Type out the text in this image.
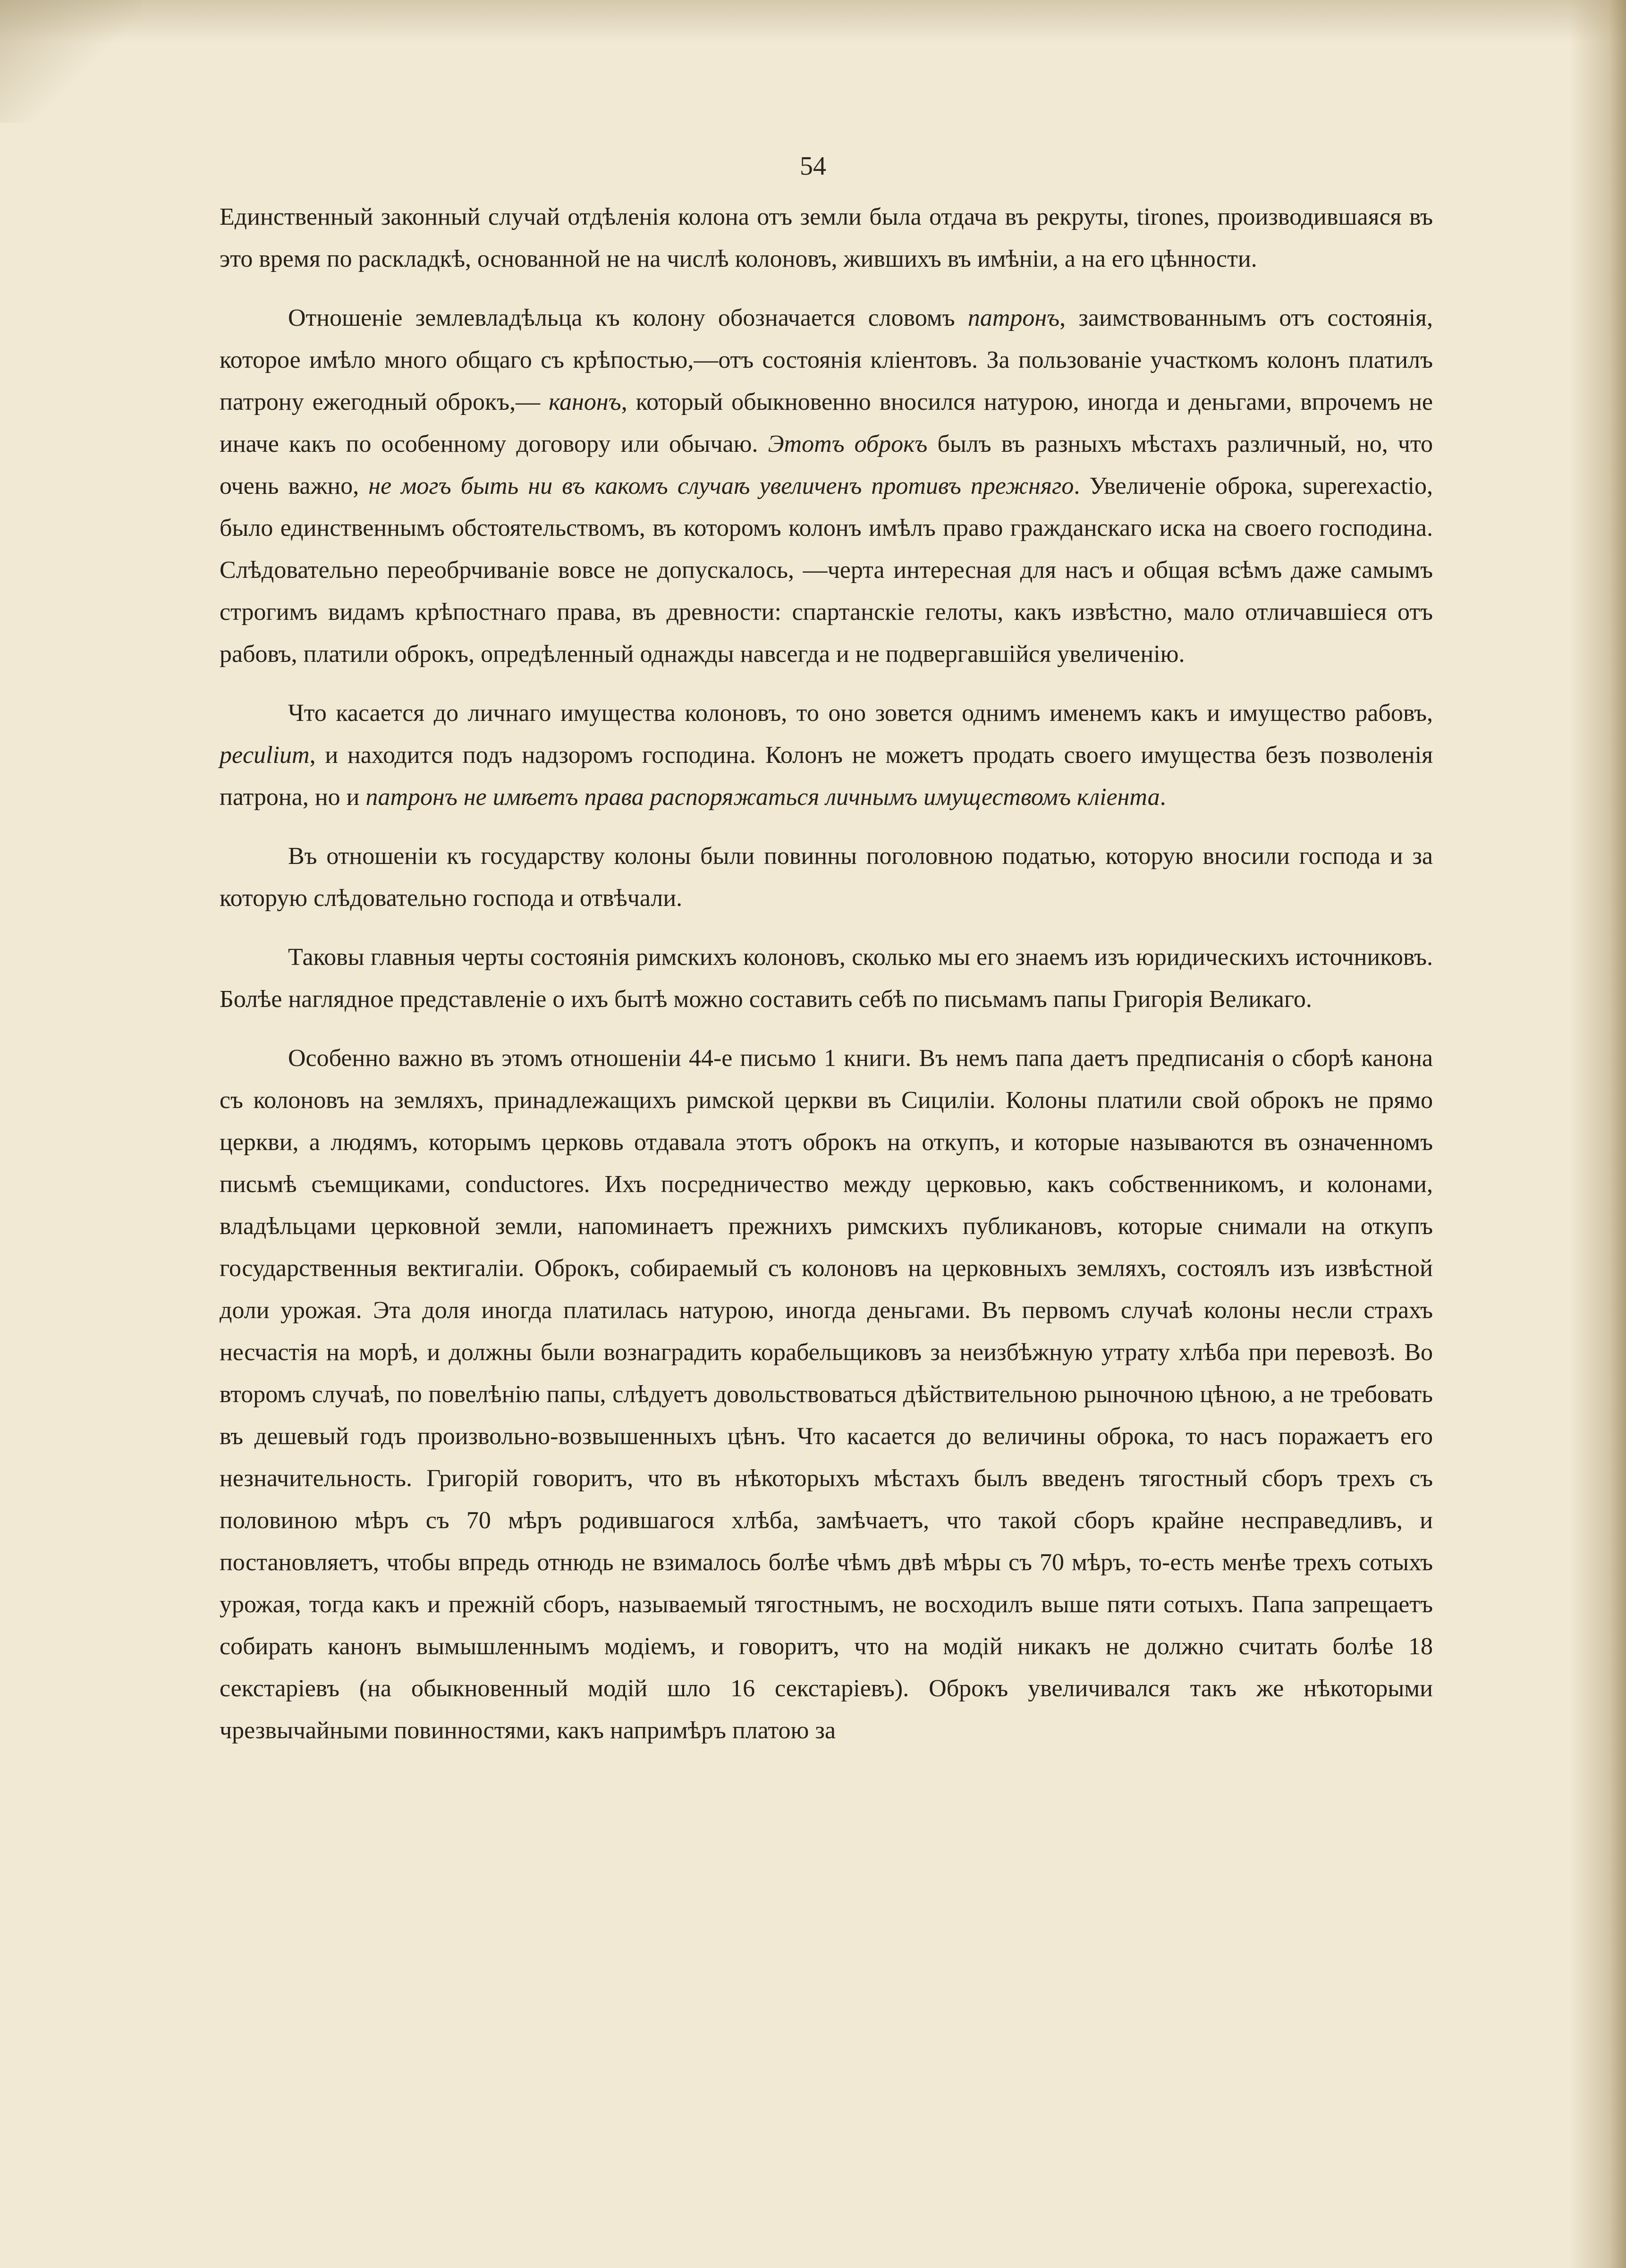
54

Единственный законный случай отдѣленія колона отъ земли была отдача въ рекруты, tirones, производившаяся въ это время по раскладкѣ, основанной не на числѣ колоновъ, жившихъ въ имѣніи, а на его цѣнности.

Отношеніе землевладѣльца къ колону обозначается словомъ патронъ, заимствованнымъ отъ состоянія, которое имѣло много общаго съ крѣпостью,—отъ состоянія кліентовъ. За пользованіе участкомъ колонъ платилъ патрону ежегодный оброкъ,— канонъ, который обыкновенно вносился натурою, иногда и деньгами, впрочемъ не иначе какъ по особенному договору или обычаю. Этотъ оброкъ былъ въ разныхъ мѣстахъ различный, но, что очень важно, не могъ быть ни въ какомъ случаѣ увеличенъ противъ прежняго. Увеличеніе оброка, superexactio, было единственнымъ обстоятельствомъ, въ которомъ колонъ имѣлъ право гражданскаго иска на своего господина. Слѣдовательно переобрчиваніе вовсе не допускалось, —черта интересная для насъ и общая всѣмъ даже самымъ строгимъ видамъ крѣпостнаго права, въ древности: спартанскіе гелоты, какъ извѣстно, мало отличавшіеся отъ рабовъ, платили оброкъ, опредѣленный однажды навсегда и не подвергавшійся увеличенію.

Что касается до личнаго имущества колоновъ, то оно зовется однимъ именемъ какъ и имущество рабовъ, peculium, и находится подъ надзоромъ господина. Колонъ не можетъ продать своего имущества безъ позволенія патрона, но и патронъ не имѣетъ права распоряжаться личнымъ имуществомъ кліента.

Въ отношеніи къ государству колоны были повинны поголовною податью, которую вносили господа и за которую слѣдовательно господа и отвѣчали.

Таковы главныя черты состоянія римскихъ колоновъ, сколько мы его знаемъ изъ юридическихъ источниковъ. Болѣе наглядное представленіе о ихъ бытѣ можно составить себѣ по письмамъ папы Григорія Великаго.

Особенно важно въ этомъ отношеніи 44-е письмо 1 книги. Въ немъ папа даетъ предписанія о сборѣ канона съ колоновъ на земляхъ, принадлежащихъ римской церкви въ Сициліи. Колоны платили свой оброкъ не прямо церкви, а людямъ, которымъ церковь отдавала этотъ оброкъ на откупъ, и которые называются въ означенномъ письмѣ съемщиками, conductores. Ихъ посредничество между церковью, какъ собственникомъ, и колонами, владѣльцами церковной земли, напоминаетъ прежнихъ римскихъ публикановъ, которые снимали на откупъ государственныя вектигаліи. Оброкъ, собираемый съ колоновъ на церковныхъ земляхъ, состоялъ изъ извѣстной доли урожая. Эта доля иногда платилась натурою, иногда деньгами. Въ первомъ случаѣ колоны несли страхъ несчастія на морѣ, и должны были вознаградить корабельщиковъ за неизбѣжную утрату хлѣба при перевозѣ. Во второмъ случаѣ, по повелѣнію папы, слѣдуетъ довольствоваться дѣйствительною рыночною цѣною, а не требовать въ дешевый годъ произвольно-возвышенныхъ цѣнъ. Что касается до величины оброка, то насъ поражаетъ его незначительность. Григорій говоритъ, что въ нѣкоторыхъ мѣстахъ былъ введенъ тягостный сборъ трехъ съ половиною мѣръ съ 70 мѣръ родившагося хлѣба, замѣчаетъ, что такой сборъ крайне несправедливъ, и постановляетъ, чтобы впредь отнюдь не взималось болѣе чѣмъ двѣ мѣры съ 70 мѣръ, то-есть менѣе трехъ сотыхъ урожая, тогда какъ и прежній сборъ, называемый тягостнымъ, не восходилъ выше пяти сотыхъ. Папа запрещаетъ собирать канонъ вымышленнымъ модіемъ, и говоритъ, что на модій никакъ не должно считать болѣе 18 секстаріевъ (на обыкновенный модій шло 16 секстаріевъ). Оброкъ увеличивался такъ же нѣкоторыми чрезвычайными повинностями, какъ напримѣръ платою за
